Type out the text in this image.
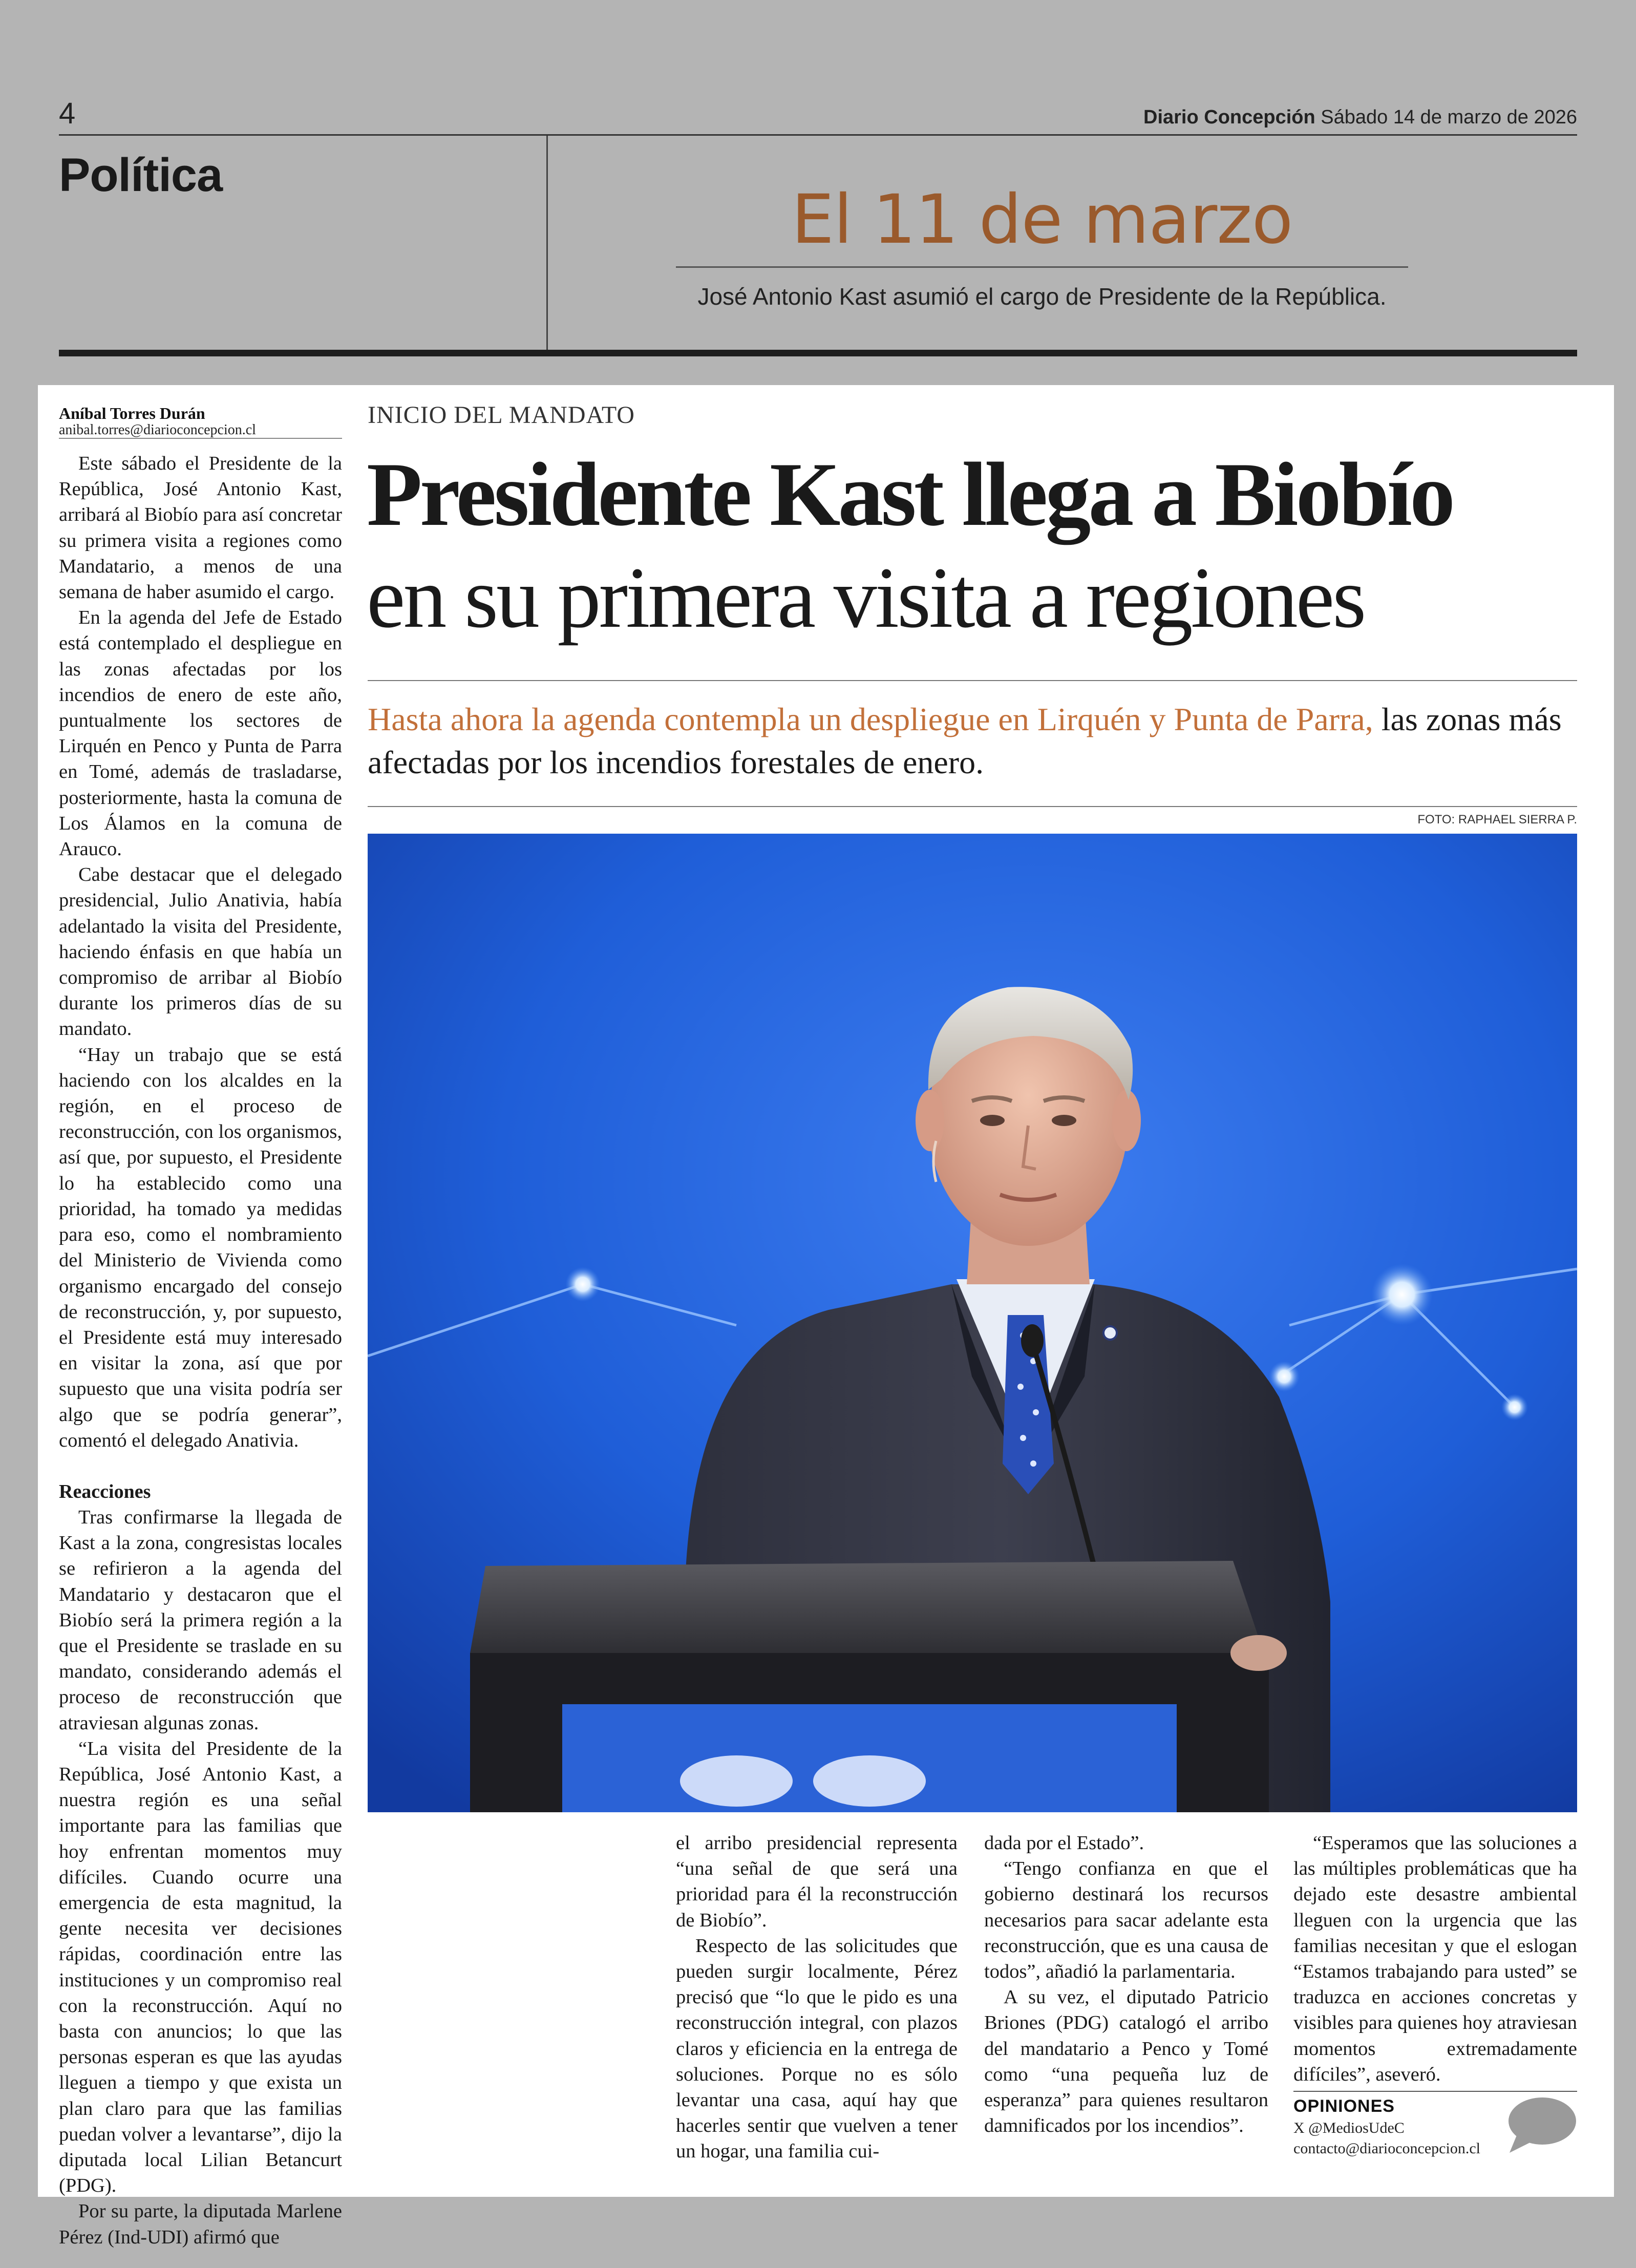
4	Diario Concepción Sábado 14 de marzo de 2026
Política
El 11 de marzo
José Antonio Kast asumió el cargo de Presidente de la República.
Aníbal Torres Durán
anibal.torres@diarioconcepcion.cl

Este sábado el Presidente de la República, José Antonio Kast, arribará al Biobío para así concretar su primera visita a regiones como Mandatario, a menos de una semana de haber asumido el cargo.

En la agenda del Jefe de Estado está contemplado el despliegue en las zonas afectadas por los incendios de enero de este año, puntualmente los sectores de Lirquén en Penco y Punta de Parra en Tomé, además de trasladarse, posteriormente, hasta la comuna de Los Álamos en la comuna de Arauco.

Cabe destacar que el delegado presidencial, Julio Anativia, había adelantado la visita del Presidente, haciendo énfasis en que había un compromiso de arribar al Biobío durante los primeros días de su mandato.

“Hay un trabajo que se está haciendo con los alcaldes en la región, en el proceso de reconstrucción, con los organismos, así que, por supuesto, el Presidente lo ha establecido como una prioridad, ha tomado ya medidas para eso, como el nombramiento del Ministerio de Vivienda como organismo encargado del consejo de reconstrucción, y, por supuesto, el Presidente está muy interesado en visitar la zona, así que por supuesto que una visita podría ser algo que se podría generar”, comentó el delegado Anativia.

Reacciones

Tras confirmarse la llegada de Kast a la zona, congresistas locales se refirieron a la agenda del Mandatario y destacaron que el Biobío será la primera región a la que el Presidente se traslade en su mandato, considerando además el proceso de reconstrucción que atraviesan algunas zonas.

“La visita del Presidente de la República, José Antonio Kast, a nuestra región es una señal importante para las familias que hoy enfrentan momentos muy difíciles. Cuando ocurre una emergencia de esta magnitud, la gente necesita ver decisiones rápidas, coordinación entre las instituciones y un compromiso real con la reconstrucción. Aquí no basta con anuncios; lo que las personas esperan es que las ayudas lleguen a tiempo y que exista un plan claro para que las familias puedan volver a levantarse”, dijo la diputada local Lilian Betancurt (PDG).

Por su parte, la diputada Marlene Pérez (Ind-UDI) afirmó que

INICIO DEL MANDATO
Presidente Kast llega a Biobío
en su primera visita a regiones
Hasta ahora la agenda contempla un despliegue en Lirquén y Punta de Parra, las zonas más afectadas por los incendios forestales de enero.
FOTO: RAPHAEL SIERRA P.

el arribo presidencial representa “una señal de que será una prioridad para él la reconstrucción de Biobío”.

Respecto de las solicitudes que pueden surgir localmente, Pérez precisó que “lo que le pido es una reconstrucción integral, con plazos claros y eficiencia en la entrega de soluciones. Porque no es sólo levantar una casa, aquí hay que hacerles sentir que vuelven a tener un hogar, una familia cui-

dada por el Estado”.

“Tengo confianza en que el gobierno destinará los recursos necesarios para sacar adelante esta reconstrucción, que es una causa de todos”, añadió la parlamentaria.

A su vez, el diputado Patricio Briones (PDG) catalogó el arribo del mandatario a Penco y Tomé como “una pequeña luz de esperanza” para quienes resultaron damnificados por los incendios”.

“Esperamos que las soluciones a las múltiples problemáticas que ha dejado este desastre ambiental lleguen con la urgencia que las familias necesitan y que el eslogan “Estamos trabajando para usted” se traduzca en acciones concretas y visibles para quienes hoy atraviesan momentos extremadamente difíciles”, aseveró.

OPINIONES
X @MediosUdeC
contacto@diarioconcepcion.cl
